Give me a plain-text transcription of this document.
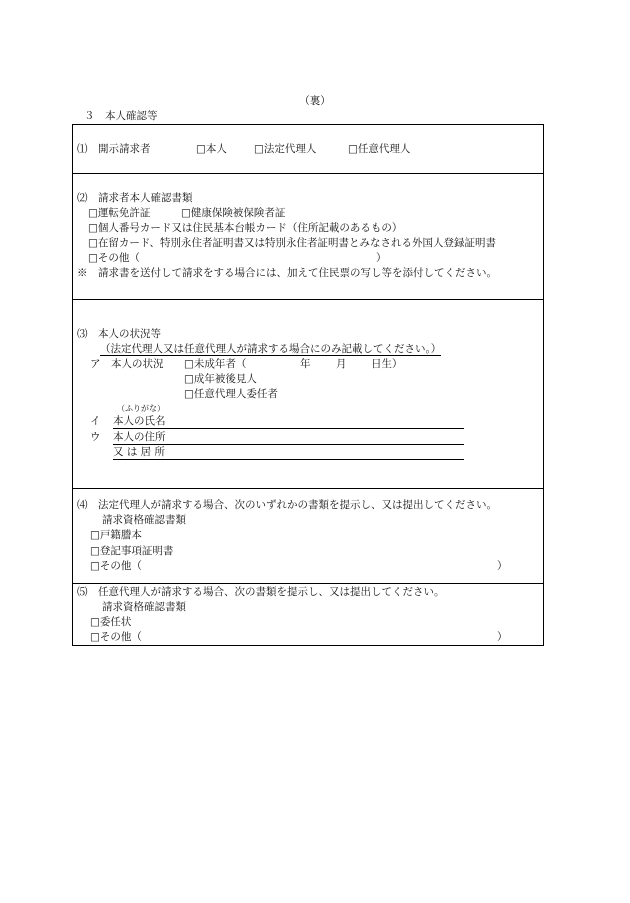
（裏）
３　本人確認等
⑴　開示請求者	□本人	□法定代理人	□任意代理人
⑵　請求者本人確認書類
□運転免許証	□健康保険被保険者証
□個人番号カード又は住民基本台帳カード（住所記載のあるもの）
□在留カード、特別永住者証明書又は特別永住者証明書とみなされる外国人登録証明書
□その他（	）
※　請求書を送付して請求をする場合には、加えて住民票の写し等を添付してください。
⑶　本人の状況等
（法定代理人又は任意代理人が請求する場合にのみ記載してください。）
ア　本人の状況 □未成年者（	年 月 日生）
□成年被後見人
□任意代理人委任者
（ふりがな）
イ 本人の氏名
ウ 本人の住所
又 は 居 所
⑷　法定代理人が請求する場合、次のいずれかの書類を提示し、又は提出してください。
請求資格確認書類
□戸籍謄本
□登記事項証明書
□その他（	）
⑸　任意代理人が請求する場合、次の書類を提示し、又は提出してください。
請求資格確認書類
□委任状
□その他（	）
